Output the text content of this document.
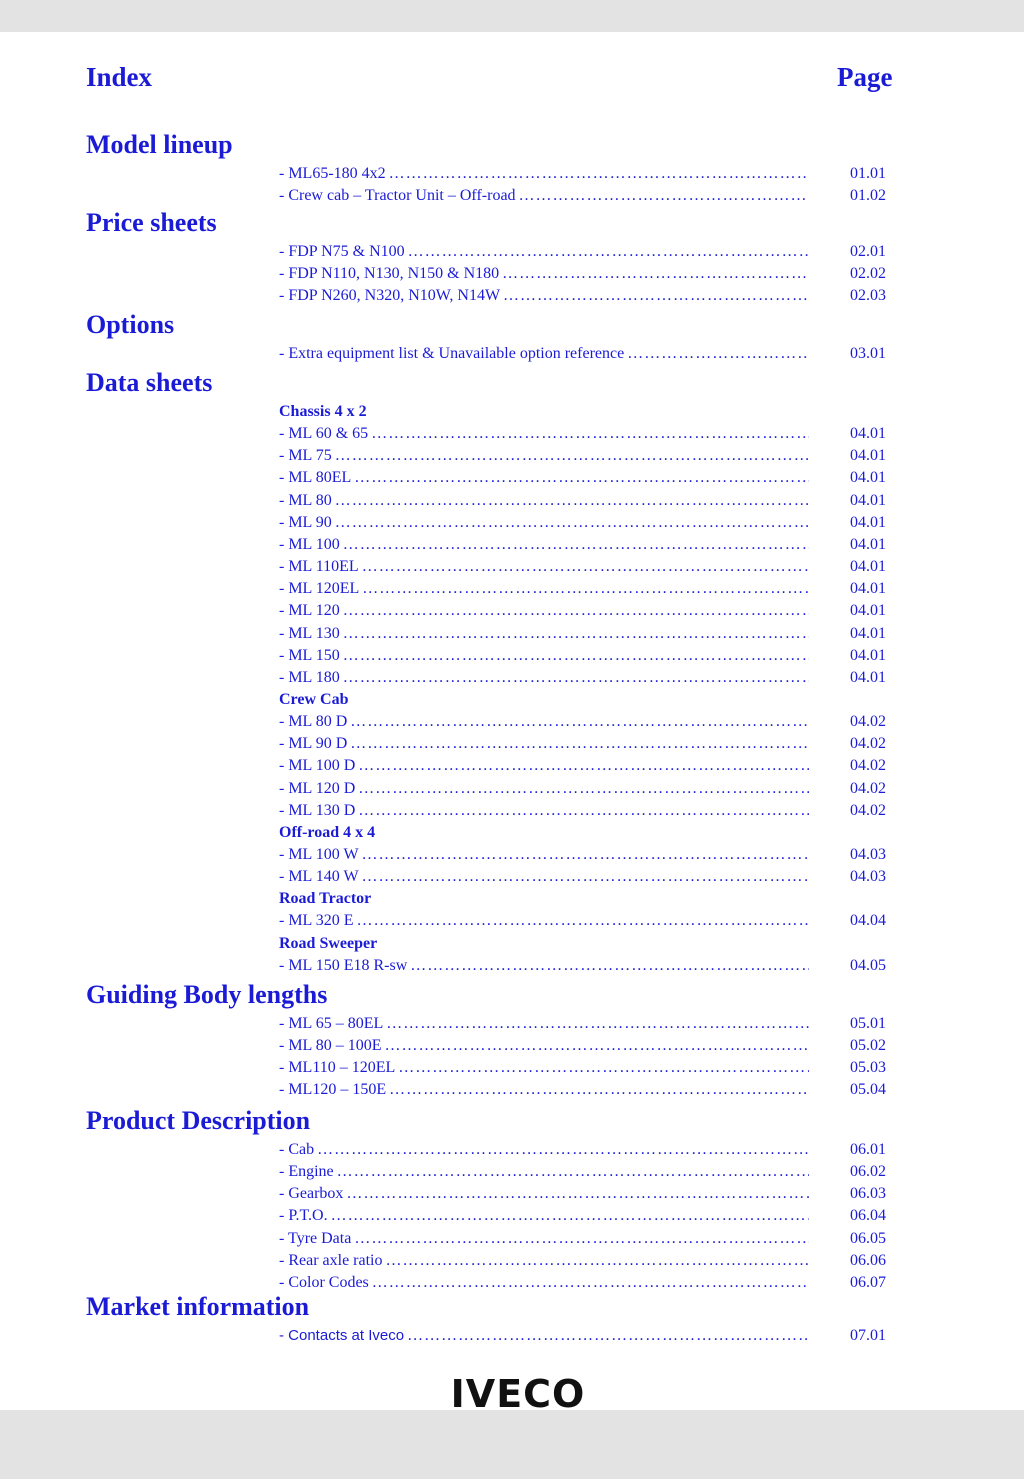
Index	Page
Model lineup
- ML65-180 4x2 ……………………………………………………………………………………………………………………………………………………	01.01
- Crew cab – Tractor Unit – Off-road ……………………………………………………………………………………………………………………………………………………	01.02
Price sheets
- FDP N75 & N100 ……………………………………………………………………………………………………………………………………………………	02.01
- FDP N110, N130, N150 & N180 ……………………………………………………………………………………………………………………………………………………	02.02
- FDP N260, N320, N10W, N14W ……………………………………………………………………………………………………………………………………………………	02.03
Options
- Extra equipment list & Unavailable option reference ……………………………………………………………………………………………………………………………………………………	03.01
Data sheets
Chassis 4 x 2
- ML 60 & 65 ……………………………………………………………………………………………………………………………………………………	04.01
- ML 75 ……………………………………………………………………………………………………………………………………………………	04.01
- ML 80EL ……………………………………………………………………………………………………………………………………………………	04.01
- ML 80 ……………………………………………………………………………………………………………………………………………………	04.01
- ML 90 ……………………………………………………………………………………………………………………………………………………	04.01
- ML 100 ……………………………………………………………………………………………………………………………………………………	04.01
- ML 110EL ……………………………………………………………………………………………………………………………………………………	04.01
- ML 120EL ……………………………………………………………………………………………………………………………………………………	04.01
- ML 120 ……………………………………………………………………………………………………………………………………………………	04.01
- ML 130 ……………………………………………………………………………………………………………………………………………………	04.01
- ML 150 ……………………………………………………………………………………………………………………………………………………	04.01
- ML 180 ……………………………………………………………………………………………………………………………………………………	04.01
Crew Cab
- ML 80 D ……………………………………………………………………………………………………………………………………………………	04.02
- ML 90 D ……………………………………………………………………………………………………………………………………………………	04.02
- ML 100 D ……………………………………………………………………………………………………………………………………………………	04.02
- ML 120 D ……………………………………………………………………………………………………………………………………………………	04.02
- ML 130 D ……………………………………………………………………………………………………………………………………………………	04.02
Off-road 4 x 4
- ML 100 W ……………………………………………………………………………………………………………………………………………………	04.03
- ML 140 W ……………………………………………………………………………………………………………………………………………………	04.03
Road Tractor
- ML 320 E ……………………………………………………………………………………………………………………………………………………	04.04
Road Sweeper
- ML 150 E18 R-sw ……………………………………………………………………………………………………………………………………………………	04.05
Guiding Body lengths
- ML 65 – 80EL ……………………………………………………………………………………………………………………………………………………	05.01
- ML 80 – 100E ……………………………………………………………………………………………………………………………………………………	05.02
- ML110 – 120EL ……………………………………………………………………………………………………………………………………………………	05.03
- ML120 – 150E ……………………………………………………………………………………………………………………………………………………	05.04
Product Description
- Cab ……………………………………………………………………………………………………………………………………………………	06.01
- Engine ……………………………………………………………………………………………………………………………………………………	06.02
- Gearbox ……………………………………………………………………………………………………………………………………………………	06.03
- P.T.O. ……………………………………………………………………………………………………………………………………………………	06.04
- Tyre Data ……………………………………………………………………………………………………………………………………………………	06.05
- Rear axle ratio ……………………………………………………………………………………………………………………………………………………	06.06
- Color Codes ……………………………………………………………………………………………………………………………………………………	06.07
Market information
- Contacts at Iveco ……………………………………………………………………………………………………………………………………………………	07.01
IVECO
